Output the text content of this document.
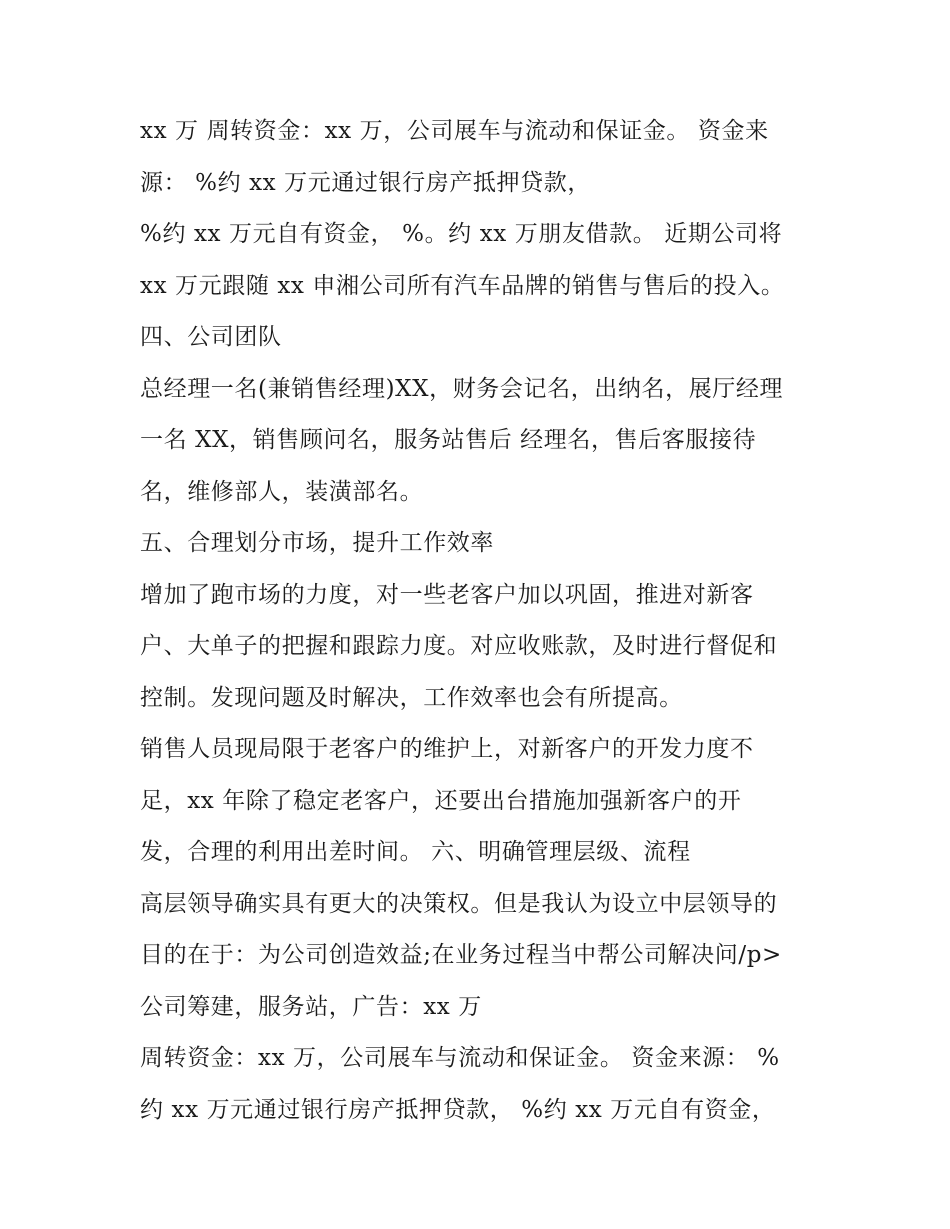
xx 万 周转资金：xx 万，公司展车与流动和保证金。 资金来
源： %约 xx 万元通过银行房产抵押贷款，
%约 xx 万元自有资金， %。约 xx 万朋友借款。 近期公司将
xx 万元跟随 xx 申湘公司所有汽车品牌的销售与售后的投入。
四、公司团队
总经理一名(兼销售经理)XX，财务会记名，出纳名，展厅经理
一名 XX，销售顾问名，服务站售后 经理名，售后客服接待
名，维修部人，装潢部名。
五、合理划分市场，提升工作效率
增加了跑市场的力度，对一些老客户加以巩固，推进对新客
户、大单子的把握和跟踪力度。对应收账款，及时进行督促和
控制。发现问题及时解决，工作效率也会有所提高。
销售人员现局限于老客户的维护上，对新客户的开发力度不
足，xx 年除了稳定老客户，还要出台措施加强新客户的开
发，合理的利用出差时间。 六、明确管理层级、流程
高层领导确实具有更大的决策权。但是我认为设立中层领导的
目的在于：为公司创造效益;在业务过程当中帮公司解决问/p>
公司筹建，服务站，广告：xx 万
周转资金：xx 万，公司展车与流动和保证金。 资金来源： %
约 xx 万元通过银行房产抵押贷款， %约 xx 万元自有资金，
